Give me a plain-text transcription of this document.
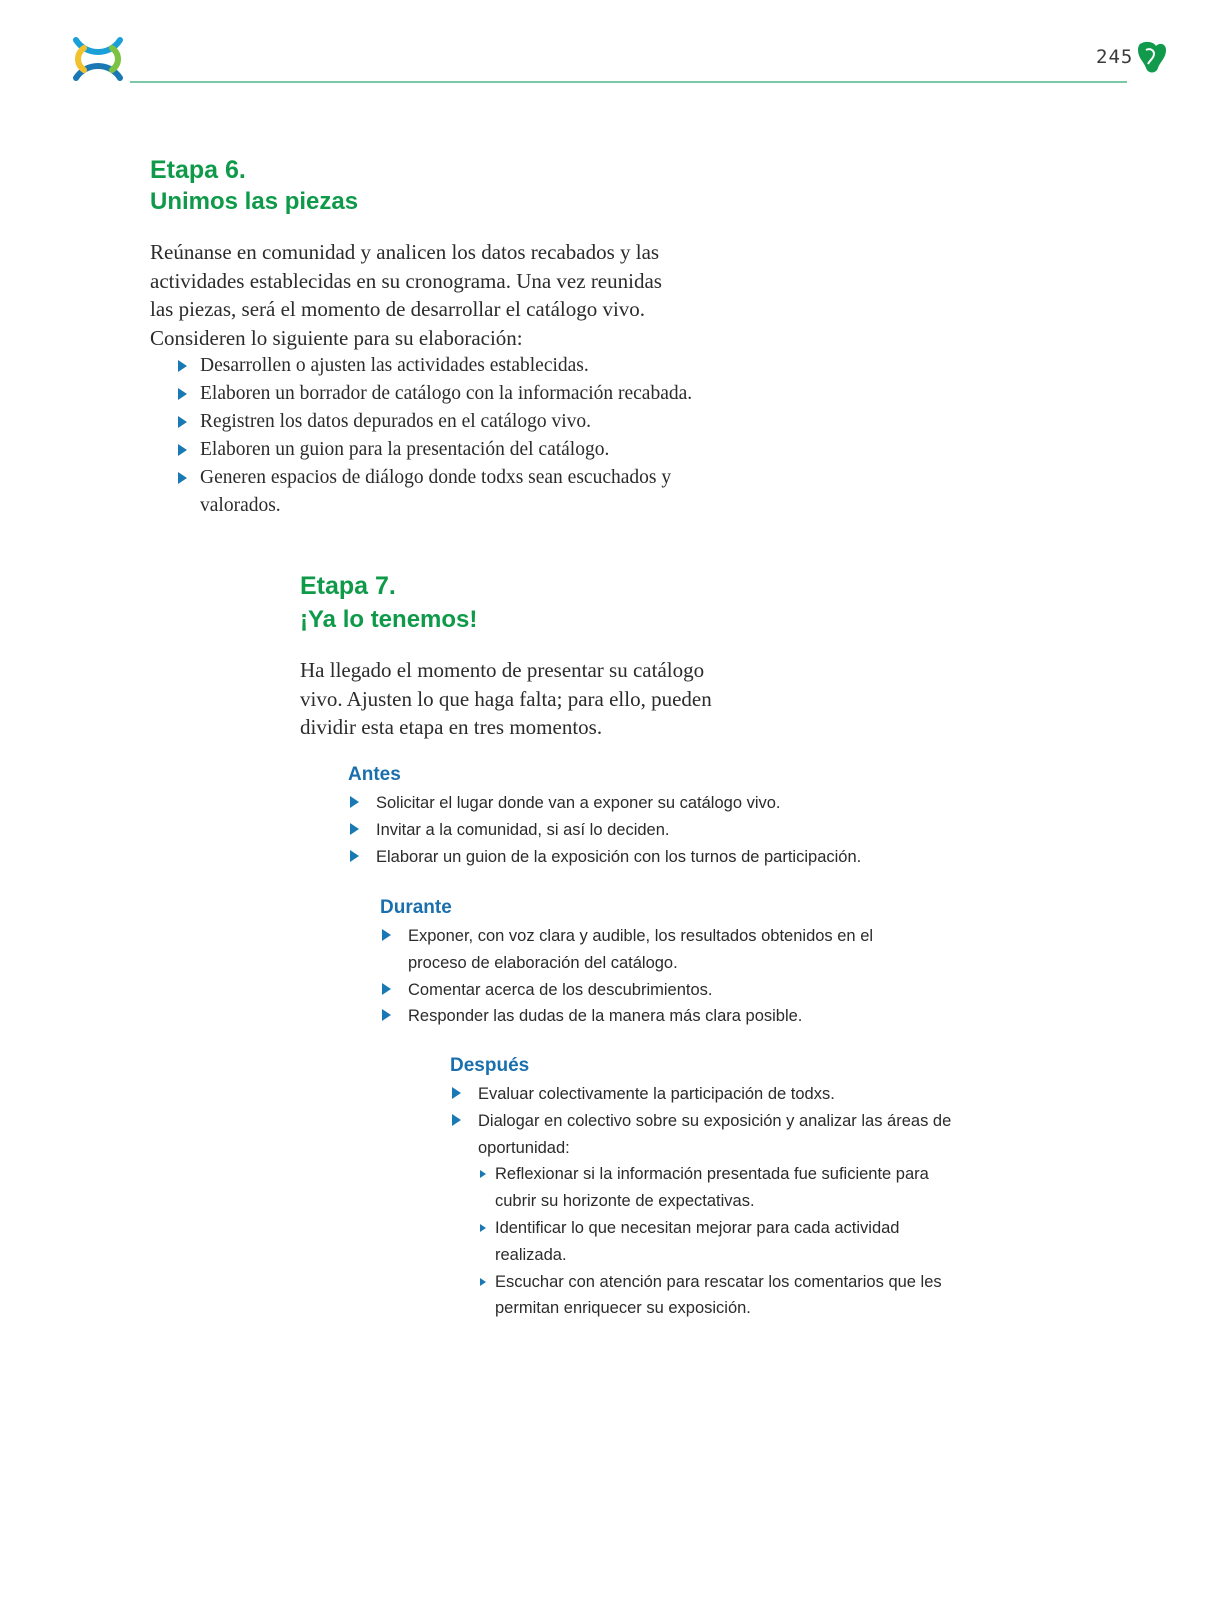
245
Etapa 6.
Unimos las piezas

Reúnanse en comunidad y analicen los datos recabados y las
actividades establecidas en su cronograma. Una vez reunidas
las piezas, será el momento de desarrollar el catálogo vivo.
Consideren lo siguiente para su elaboración:

Desarrollen o ajusten las actividades establecidas.
Elaboren un borrador de catálogo con la información recabada.
Registren los datos depurados en el catálogo vivo.
Elaboren un guion para la presentación del catálogo.
Generen espacios de diálogo donde todxs sean escuchados y valorados.
Etapa 7.
¡Ya lo tenemos!

Ha llegado el momento de presentar su catálogo
vivo. Ajusten lo que haga falta; para ello, pueden
dividir esta etapa en tres momentos.

Antes
Solicitar el lugar donde van a exponer su catálogo vivo.
Invitar a la comunidad, si así lo deciden.
Elaborar un guion de la exposición con los turnos de participación.
Durante
Exponer, con voz clara y audible, los resultados obtenidos en el proceso de elaboración del catálogo.
Comentar acerca de los descubrimientos.
Responder las dudas de la manera más clara posible.
Después
Evaluar colectivamente la participación de todxs.
Dialogar en colectivo sobre su exposición y analizar las áreas de oportunidad:
Reflexionar si la información presentada fue suficiente para cubrir su horizonte de expectativas.
Identificar lo que necesitan mejorar para cada actividad realizada.
Escuchar con atención para rescatar los comentarios que les permitan enriquecer su exposición.
